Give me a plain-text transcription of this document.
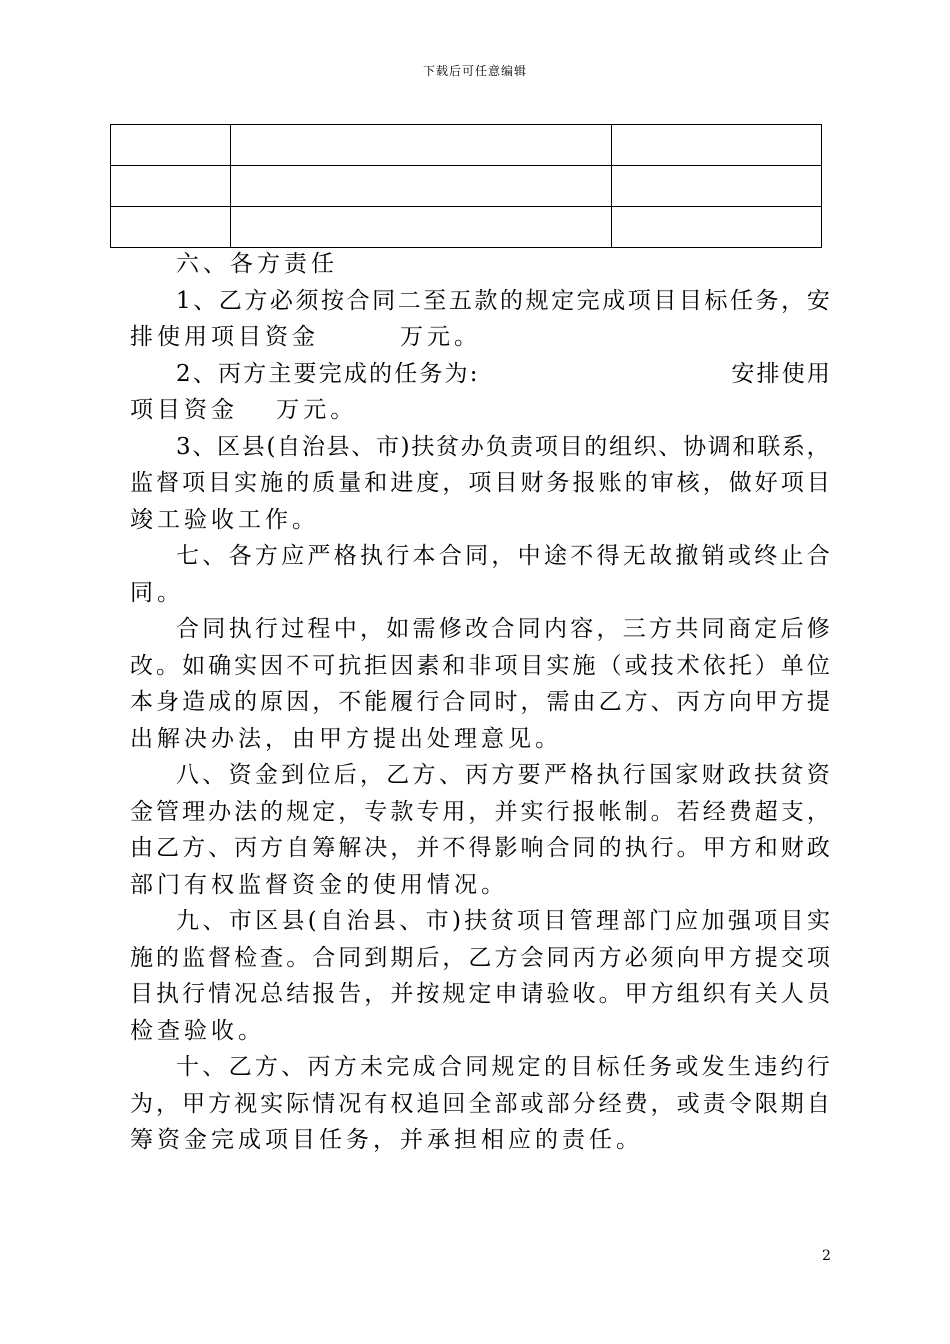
下载后可任意编辑

六、各方责任
1 、 乙 方 必 须 按 合 同 二 至 五 款 的 规 定 完 成 项 目 目 标 任 务 ， 安
排使用项目资金　　　万元。
2 、 丙 方 主 要 完 成 的 任 务 为 :

　	安 排 使 用
项目资金　 万元。
3 、 区 县 ( 自 治 县 、 市 ) 扶 贫 办 负 责 项 目 的 组 织 、 协 调 和 联 系 ，
监 督 项 目 实 施 的 质 量 和 进 度 ， 项 目 财 务 报 账 的 审 核 ， 做 好 项 目
竣工验收工作。
七 、 各 方 应 严 格 执 行 本 合 同 ， 中 途 不 得 无 故 撤 销 或 终 止 合
同。
合 同 执 行 过 程 中 ， 如 需 修 改 合 同 内 容 ， 三 方 共 同 商 定 后 修
改 。 如 确 实 因 不 可 抗 拒 因 素 和 非 项 目 实 施 （ 或 技 术 依 托 ） 单 位
本 身 造 成 的 原 因 ， 不 能 履 行 合 同 时 ， 需 由 乙 方 、 丙 方 向 甲 方 提
出解决办法，由甲方提出处理意见。
八 、 资 金 到 位 后 ， 乙 方 、 丙 方 要 严 格 执 行 国 家 财 政 扶 贫 资
金 管 理 办 法 的 规 定 ， 专 款 专 用 ， 并 实 行 报 帐 制 。 若 经 费 超 支 ，
由 乙 方 、 丙 方 自 筹 解 决 ， 并 不 得 影 响 合 同 的 执 行 。 甲 方 和 财 政
部门有权监督资金的使用情况。
九 、 市 区 县 ( 自 治 县 、 市 ) 扶 贫 项 目 管 理 部 门 应 加 强 项 目 实
施 的 监 督 检 查 。 合 同 到 期 后 ， 乙 方 会 同 丙 方 必 须 向 甲 方 提 交 项
目 执 行 情 况 总 结 报 告 ， 并 按 规 定 申 请 验 收 。 甲 方 组 织 有 关 人 员
检查验收。
十 、 乙 方 、 丙 方 未 完 成 合 同 规 定 的 目 标 任 务 或 发 生 违 约 行
为 ， 甲 方 视 实 际 情 况 有 权 追 回 全 部 或 部 分 经 费 ， 或 责 令 限 期 自
筹资金完成项目任务，并承担相应的责任。
2
